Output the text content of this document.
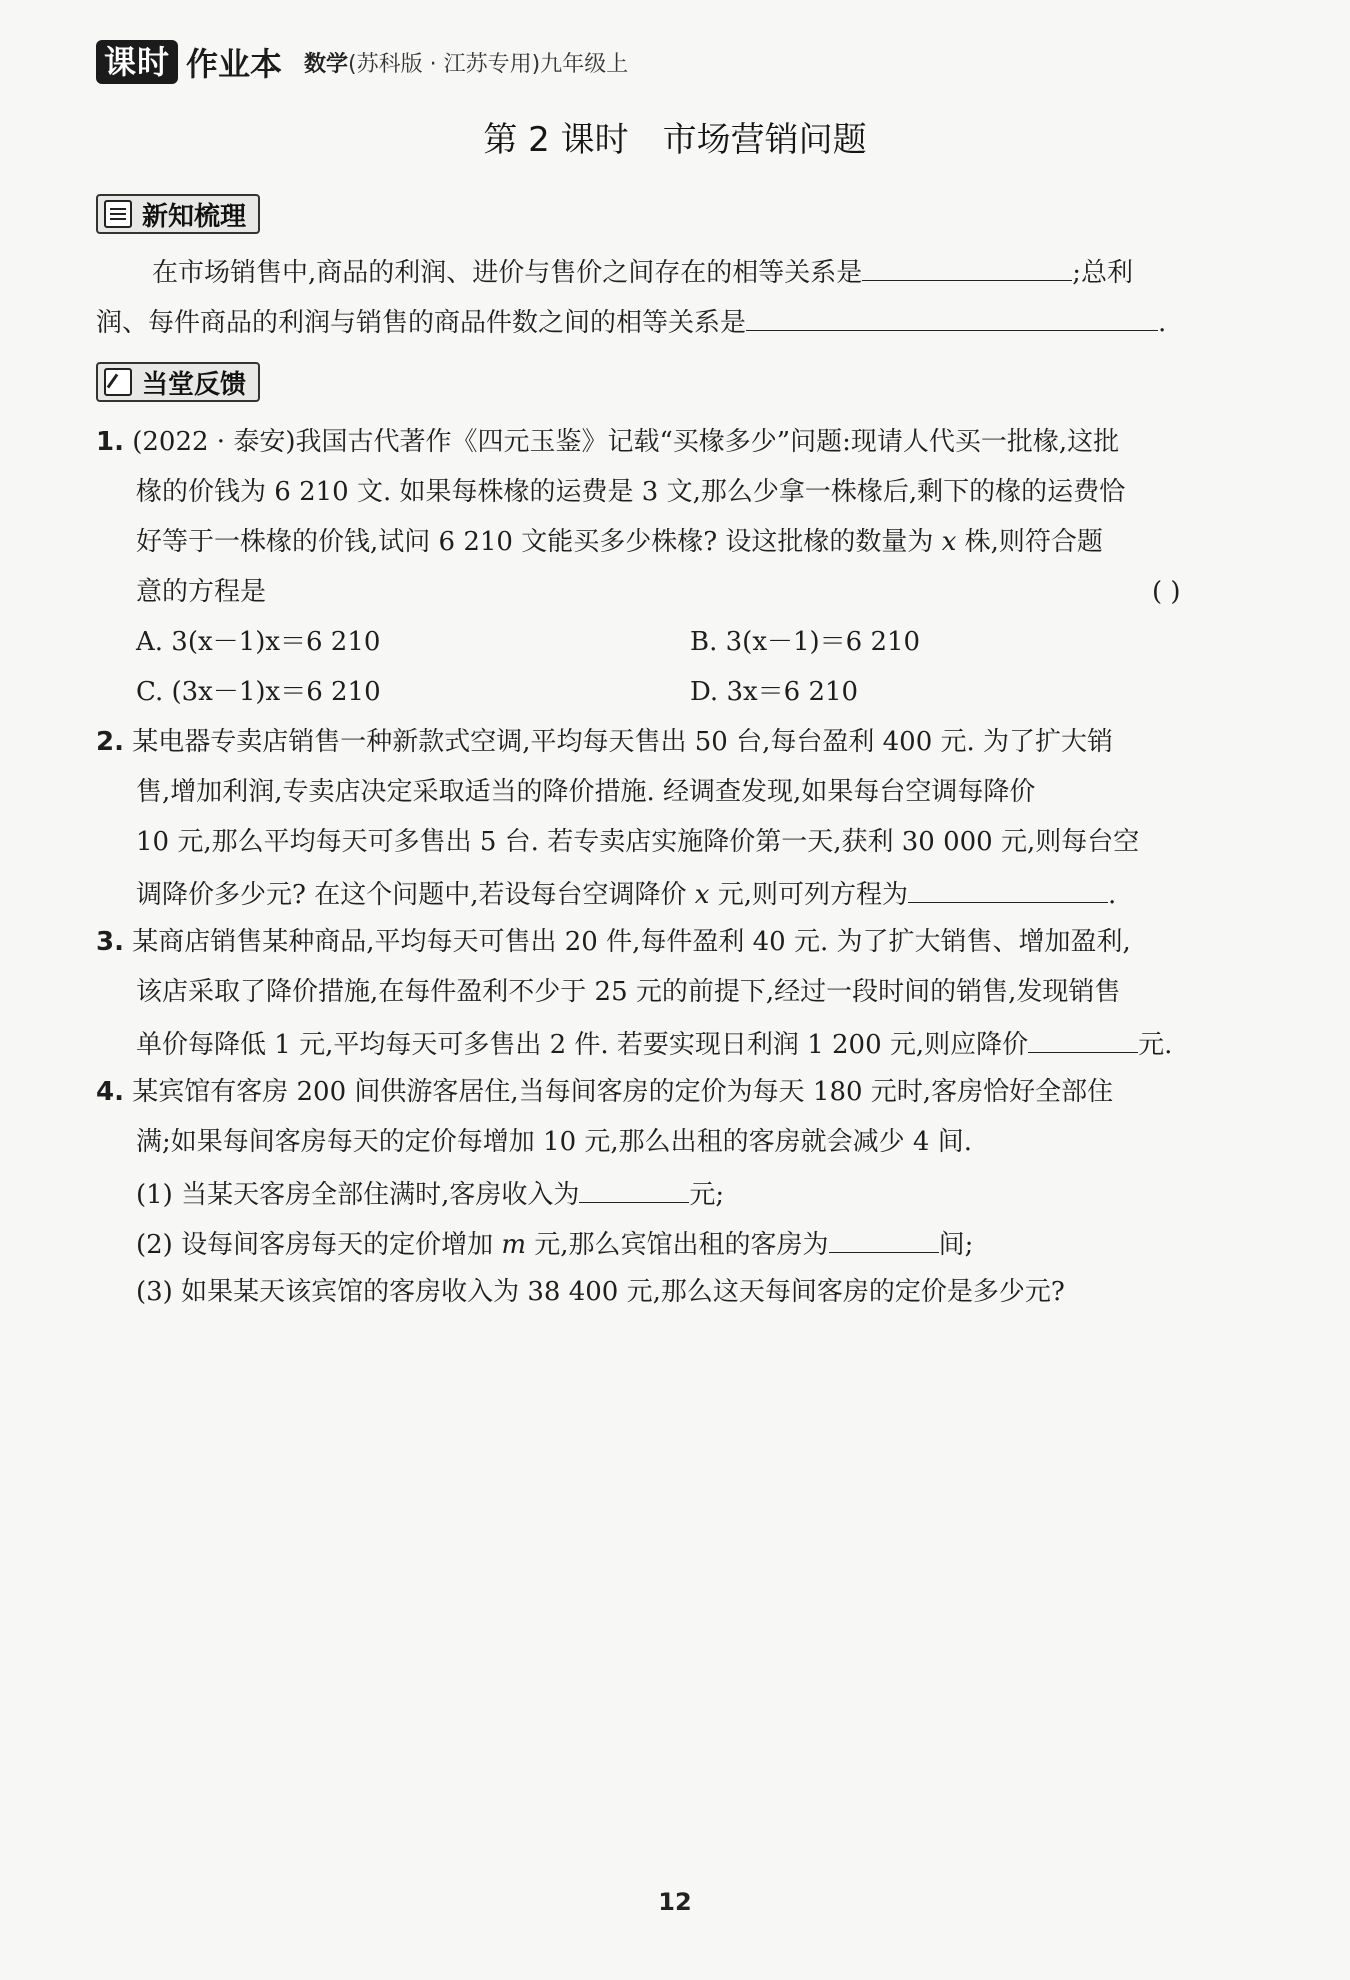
课时 作业本 数学 (苏科版 · 江苏专用)九年级上
第 2 课时 市场营销问题
新知梳理
在市场销售中,商品的利润、进价与售价之间存在的相等关系是	;总利
润、每件商品的利润与销售的商品件数之间的相等关系是	.
当堂反馈
1. (2022 · 泰安)我国古代著作《四元玉鉴》记载“买椽多少”问题:现请人代买一批椽,这批
椽的价钱为 6 210 文. 如果每株椽的运费是 3 文,那么少拿一株椽后,剩下的椽的运费恰
好等于一株椽的价钱,试问 6 210 文能买多少株椽? 设这批椽的数量为 x 株,则符合题
意的方程是	( )
A. 3(x－1)x＝6 210	B. 3(x－1)＝6 210
C. (3x－1)x＝6 210	D. 3x＝6 210
2. 某电器专卖店销售一种新款式空调,平均每天售出 50 台,每台盈利 400 元. 为了扩大销
售,增加利润,专卖店决定采取适当的降价措施. 经调查发现,如果每台空调每降价
10 元,那么平均每天可多售出 5 台. 若专卖店实施降价第一天,获利 30 000 元,则每台空
调降价多少元? 在这个问题中,若设每台空调降价 x 元,则可列方程为	.
3. 某商店销售某种商品,平均每天可售出 20 件,每件盈利 40 元. 为了扩大销售、增加盈利,
该店采取了降价措施,在每件盈利不少于 25 元的前提下,经过一段时间的销售,发现销售
单价每降低 1 元,平均每天可多售出 2 件. 若要实现日利润 1 200 元,则应降价	元.
4. 某宾馆有客房 200 间供游客居住,当每间客房的定价为每天 180 元时,客房恰好全部住
满;如果每间客房每天的定价每增加 10 元,那么出租的客房就会减少 4 间.
(1) 当某天客房全部住满时,客房收入为	元;
(2) 设每间客房每天的定价增加 m 元,那么宾馆出租的客房为	间;
(3) 如果某天该宾馆的客房收入为 38 400 元,那么这天每间客房的定价是多少元?
12
